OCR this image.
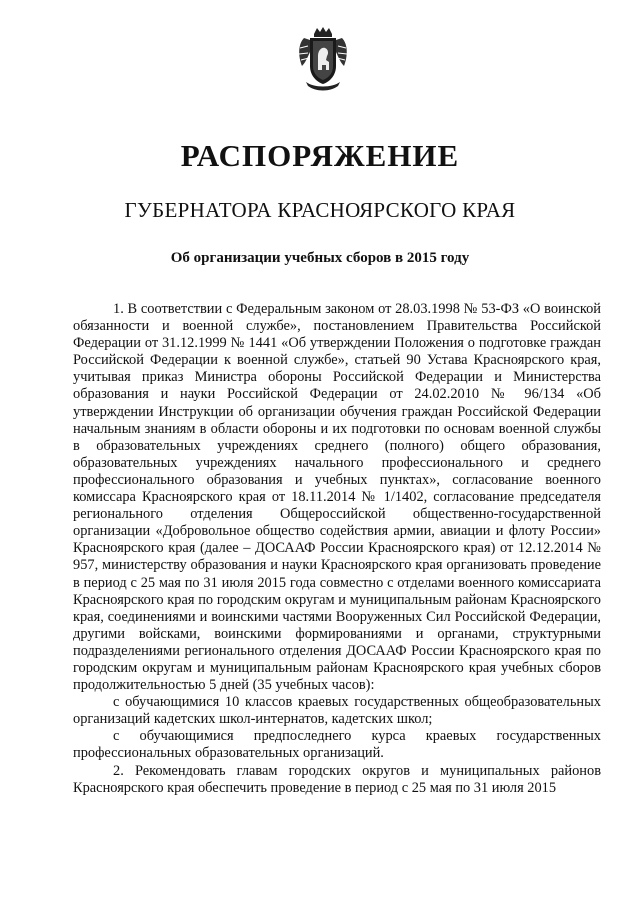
РАСПОРЯЖЕНИЕ
ГУБЕРНАТОРА КРАСНОЯРСКОГО КРАЯ
Об организации учебных сборов в 2015 году

1. В соответствии с Федеральным законом от 28.03.1998 № 53-ФЗ «О воинской обязанности и военной службе», постановлением Правительства Российской Федерации от 31.12.1999 № 1441 «Об утверждении Положения о подготовке граждан Российской Федерации к военной службе», статьей 90 Устава Красноярского края, учитывая приказ Министра обороны Российской Федерации и Министерства образования и науки Российской Федерации от 24.02.2010 № 96/134 «Об утверждении Инструкции об организации обучения граждан Российской Федерации начальным знаниям в области обороны и их подготовки по основам военной службы в образовательных учреждениях среднего (полного) общего образования, образовательных учреждениях начального профессионального и среднего профессионального образования и учебных пунктах», согласование военного комиссара Красноярского края от 18.11.2014 № 1/1402, согласование председателя регионального отделения Общероссийской общественно-государственной организации «Добровольное общество содействия армии, авиации и флоту России» Красноярского края (далее – ДОСААФ России Красноярского края) от 12.12.2014 № 957, министерству образования и науки Красноярского края организовать проведение в период с 25 мая по 31 июля 2015 года совместно с отделами военного комиссариата Красноярского края по городским округам и муниципальным районам Красноярского края, соединениями и воинскими частями Вооруженных Сил Российской Федерации, другими войсками, воинскими формированиями и органами, структурными подразделениями регионального отделения ДОСААФ России Красноярского края по городским округам и муниципальным районам Красноярского края учебных сборов продолжительностью 5 дней (35 учебных часов):

с обучающимися 10 классов краевых государственных общеобразовательных организаций кадетских школ-интернатов, кадетских школ;

с обучающимися предпоследнего курса краевых государственных профессиональных образовательных организаций.

2. Рекомендовать главам городских округов и муниципальных районов Красноярского края обеспечить проведение в период с 25 мая по 31 июля 2015
